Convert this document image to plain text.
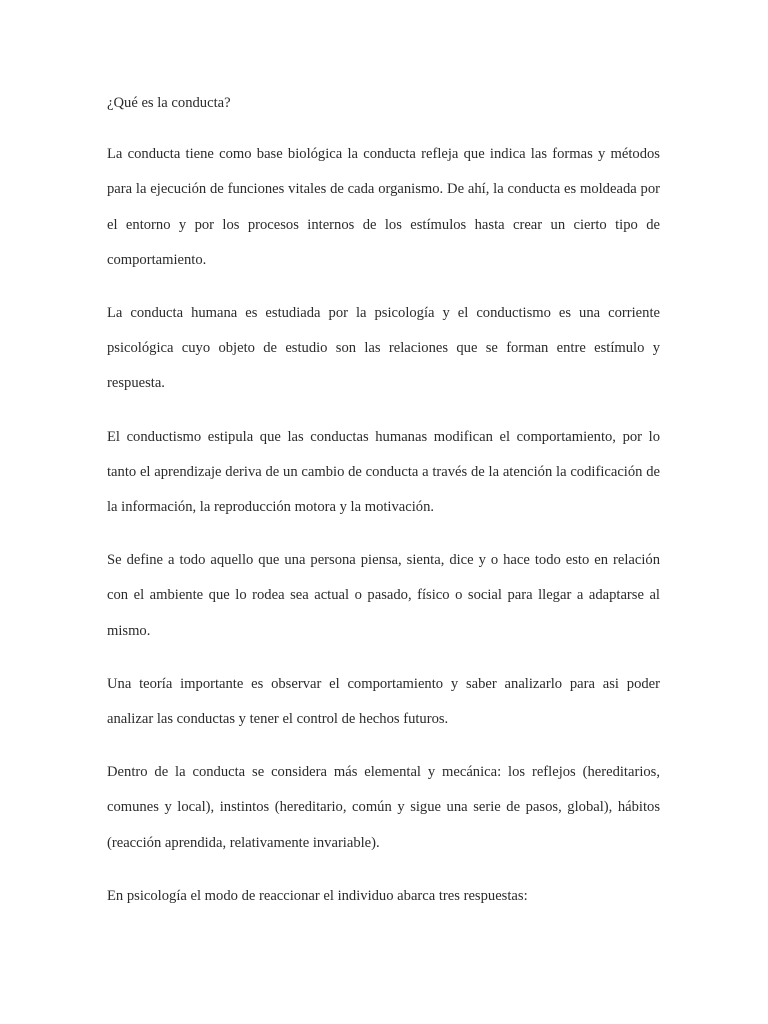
¿Qué es la conducta?

La conducta tiene como base biológica la conducta refleja que indica las formas y métodos para la ejecución de funciones vitales de cada organismo. De ahí, la conducta es moldeada por el entorno y por los procesos internos de los estímulos hasta crear un cierto tipo de comportamiento.

La conducta humana es estudiada por la psicología y el conductismo es una corriente psicológica cuyo objeto de estudio son las relaciones que se forman entre estímulo y respuesta.

El conductismo estipula que las conductas humanas modifican el comportamiento, por lo tanto el aprendizaje deriva de un cambio de conducta a través de la atención la codificación de la información, la reproducción motora y la motivación.

Se define a todo aquello que una persona piensa, sienta, dice y o hace todo esto en relación con el ambiente que lo rodea sea actual o pasado, físico o social para llegar a adaptarse al mismo.

Una teoría importante es observar el comportamiento y saber analizarlo para asi poder analizar las conductas y tener el control de hechos futuros.

Dentro de la conducta se considera más elemental y mecánica: los reflejos (hereditarios, comunes y local), instintos (hereditario, común y sigue una serie de pasos, global), hábitos (reacción aprendida, relativamente invariable).

En psicología el modo de reaccionar el individuo abarca tres respuestas:
